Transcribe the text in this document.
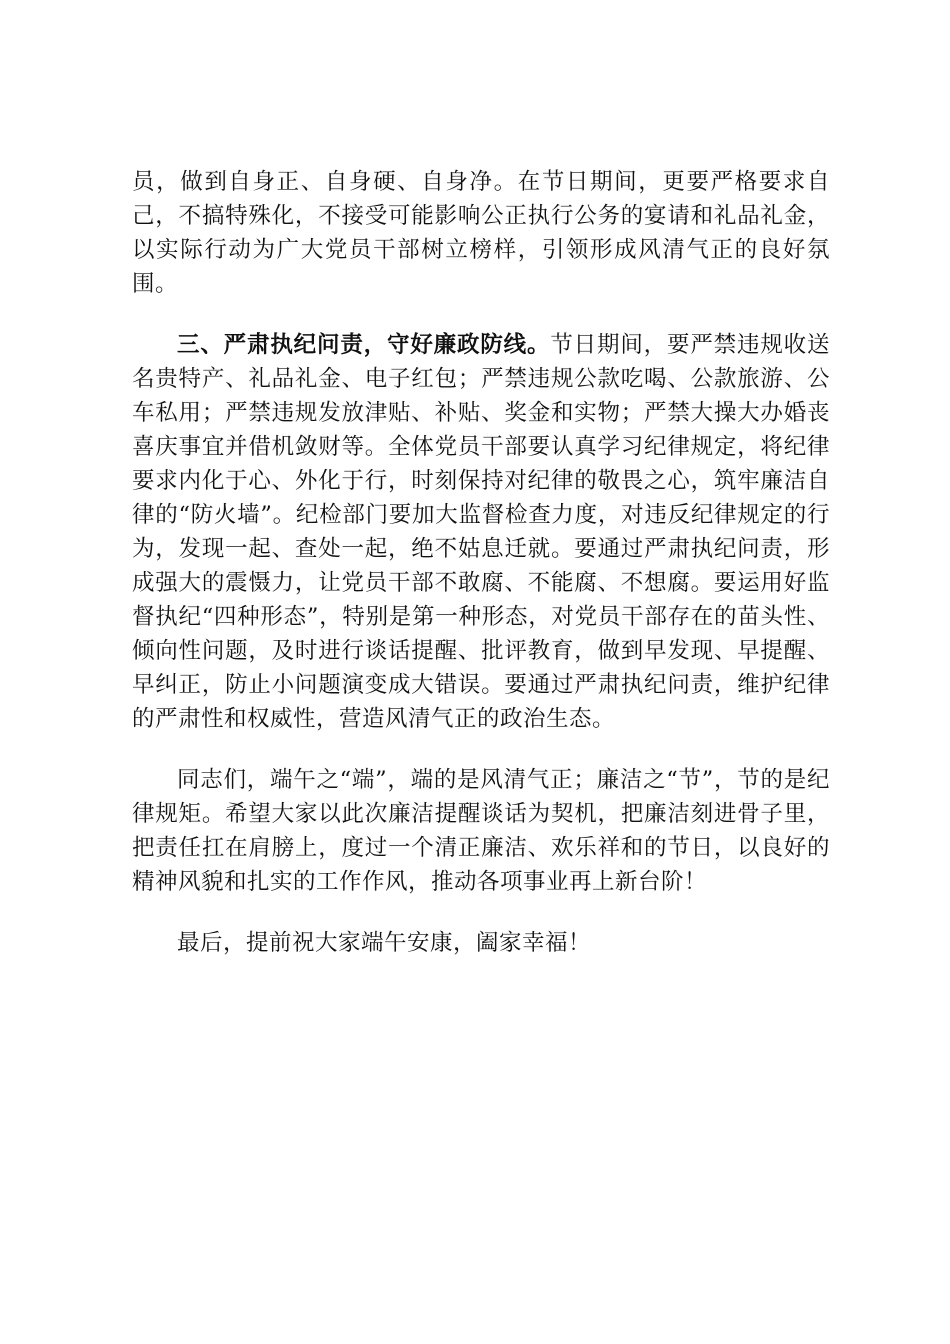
员，做到自身正、自身硬、自身净。在节日期间，更要严格要求自己，不搞特殊化，不接受可能影响公正执行公务的宴请和礼品礼金，以实际行动为广大党员干部树立榜样，引领形成风清气正的良好氛围。

三、严肃执纪问责，守好廉政防线。节日期间，要严禁违规收送名贵特产、礼品礼金、电子红包；严禁违规公款吃喝、公款旅游、公车私用；严禁违规发放津贴、补贴、奖金和实物；严禁大操大办婚丧喜庆事宜并借机敛财等。全体党员干部要认真学习纪律规定，将纪律要求内化于心、外化于行，时刻保持对纪律的敬畏之心，筑牢廉洁自律的“防火墙”。纪检部门要加大监督检查力度，对违反纪律规定的行为，发现一起、查处一起，绝不姑息迁就。要通过严肃执纪问责，形成强大的震慑力，让党员干部不敢腐、不能腐、不想腐。要运用好监督执纪“四种形态”，特别是第一种形态，对党员干部存在的苗头性、倾向性问题，及时进行谈话提醒、批评教育，做到早发现、早提醒、早纠正，防止小问题演变成大错误。要通过严肃执纪问责，维护纪律的严肃性和权威性，营造风清气正的政治生态。

同志们，端午之“端”，端的是风清气正；廉洁之“节”，节的是纪律规矩。希望大家以此次廉洁提醒谈话为契机，把廉洁刻进骨子里，把责任扛在肩膀上，度过一个清正廉洁、欢乐祥和的节日，以良好的精神风貌和扎实的工作作风，推动各项事业再上新台阶！

最后，提前祝大家端午安康，阖家幸福！
